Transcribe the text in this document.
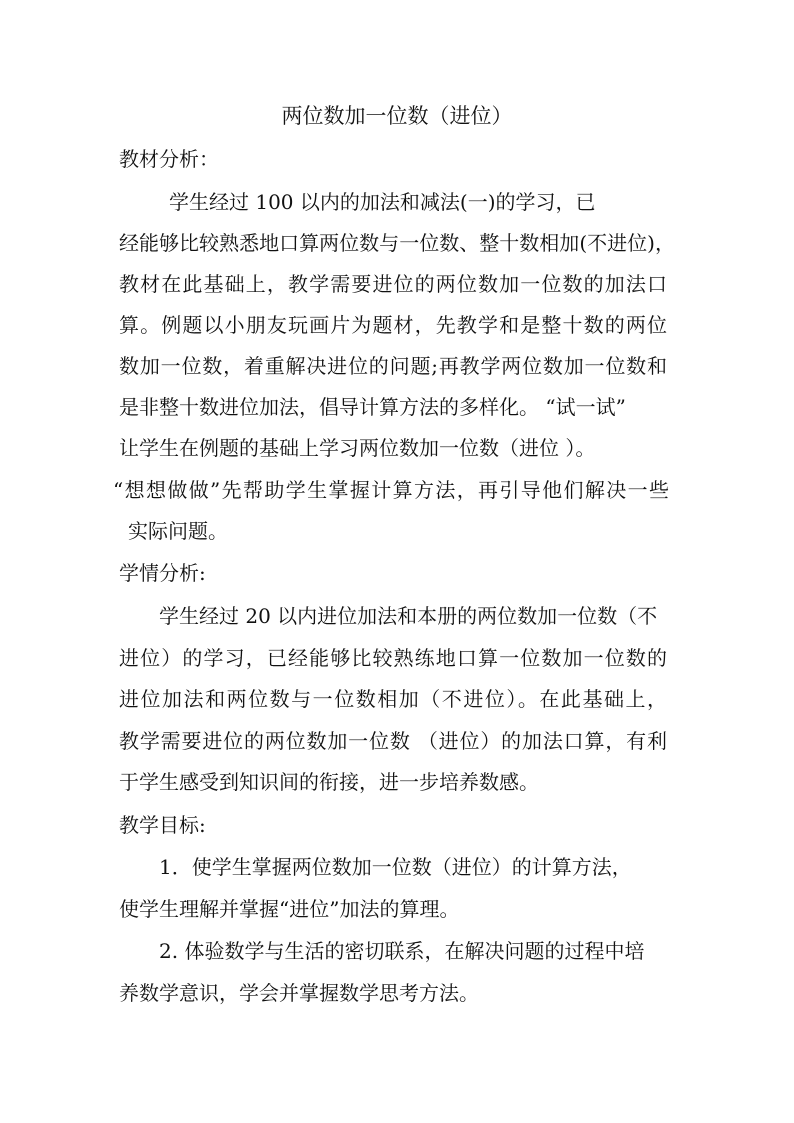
两位数加一位数（进位）
教材分析：
学生经过 100 以内的加法和减法(一)的学习，已
经能够比较熟悉地口算两位数与一位数、整十数相加(不进位)，
教材在此基础上，教学需要进位的两位数加一位数的加法口
算。例题以小朋友玩画片为题材，先教学和是整十数的两位
数加一位数，着重解决进位的问题;再教学两位数加一位数和
是非整十数进位加法，倡导计算方法的多样化。 “试一试”
让学生在例题的基础上学习两位数加一位数（进位 ）。
“想想做做”先帮助学生掌握计算方法，再引导他们解决一些
实际问题。
学情分析:
学生经过 20 以内进位加法和本册的两位数加一位数（不
进位）的学习，已经能够比较熟练地口算一位数加一位数的
进位加法和两位数与一位数相加（不进位）。在此基础上，
教学需要进位的两位数加一位数 （进位）的加法口算，有利
于学生感受到知识间的衔接，进一步培养数感。
教学目标:
1．使学生掌握两位数加一位数（进位）的计算方法，
使学生理解并掌握“进位”加法的算理。
2. 体验数学与生活的密切联系，在解决问题的过程中培
养数学意识，学会并掌握数学思考方法。
